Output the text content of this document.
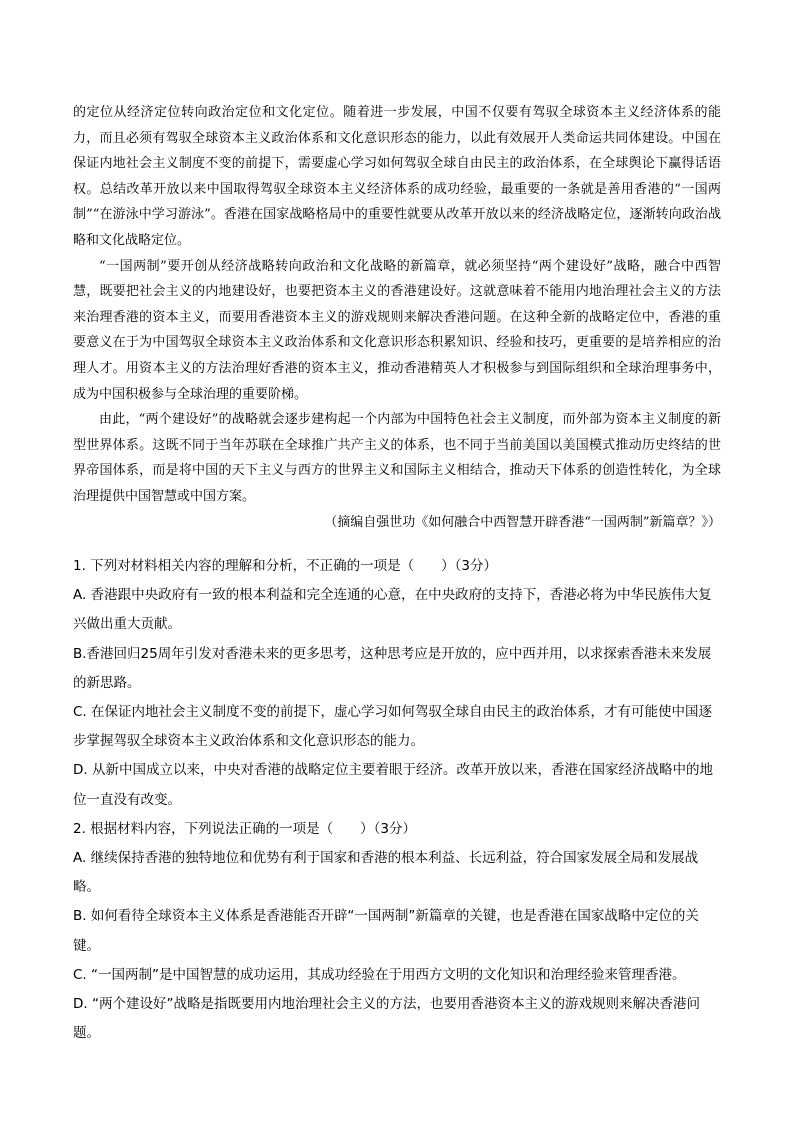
的定位从经济定位转向政治定位和文化定位。随着进一步发展，中国不仅要有驾驭全球资本主义经济体系的能力，而且必须有驾驭全球资本主义政治体系和文化意识形态的能力，以此有效展开人类命运共同体建设。中国在保证内地社会主义制度不变的前提下，需要虚心学习如何驾驭全球自由民主的政治体系，在全球舆论下赢得话语权。总结改革开放以来中国取得驾驭全球资本主义经济体系的成功经验，最重要的一条就是善用香港的“一国两制”“在游泳中学习游泳”。香港在国家战略格局中的重要性就要从改革开放以来的经济战略定位，逐渐转向政治战略和文化战略定位。

“一国两制”要开创从经济战略转向政治和文化战略的新篇章，就必须坚持“两个建设好”战略，融合中西智慧，既要把社会主义的内地建设好，也要把资本主义的香港建设好。这就意味着不能用内地治理社会主义的方法来治理香港的资本主义，而要用香港资本主义的游戏规则来解决香港问题。在这种全新的战略定位中，香港的重要意义在于为中国驾驭全球资本主义政治体系和文化意识形态积累知识、经验和技巧，更重要的是培养相应的治理人才。用资本主义的方法治理好香港的资本主义，推动香港精英人才积极参与到国际组织和全球治理事务中，成为中国积极参与全球治理的重要阶梯。

由此，“两个建设好”的战略就会逐步建构起一个内部为中国特色社会主义制度，而外部为资本主义制度的新型世界体系。这既不同于当年苏联在全球推广共产主义的体系，也不同于当前美国以美国模式推动历史终结的世界帝国体系，而是将中国的天下主义与西方的世界主义和国际主义相结合，推动天下体系的创造性转化，为全球治理提供中国智慧或中国方案。

（摘编自强世功《如何融合中西智慧开辟香港“一国两制”新篇章？》）

1. 下列对材料相关内容的理解和分析，不正确的一项是（　　）（3分）

A. 香港跟中央政府有一致的根本利益和完全连通的心意，在中央政府的支持下，香港必将为中华民族伟大复兴做出重大贡献。

B.香港回归25周年引发对香港未来的更多思考，这种思考应是开放的，应中西并用，以求探索香港未来发展的新思路。

C. 在保证内地社会主义制度不变的前提下，虚心学习如何驾驭全球自由民主的政治体系，才有可能使中国逐步掌握驾驭全球资本主义政治体系和文化意识形态的能力。

D. 从新中国成立以来，中央对香港的战略定位主要着眼于经济。改革开放以来，香港在国家经济战略中的地位一直没有改变。

2. 根据材料内容，下列说法正确的一项是（　　）（3分）

A. 继续保持香港的独特地位和优势有利于国家和香港的根本利益、长远利益，符合国家发展全局和发展战略。

B. 如何看待全球资本主义体系是香港能否开辟“一国两制”新篇章的关键，也是香港在国家战略中定位的关键。

C. “一国两制”是中国智慧的成功运用，其成功经验在于用西方文明的文化知识和治理经验来管理香港。

D. “两个建设好”战略是指既要用内地治理社会主义的方法，也要用香港资本主义的游戏规则来解决香港问题。
